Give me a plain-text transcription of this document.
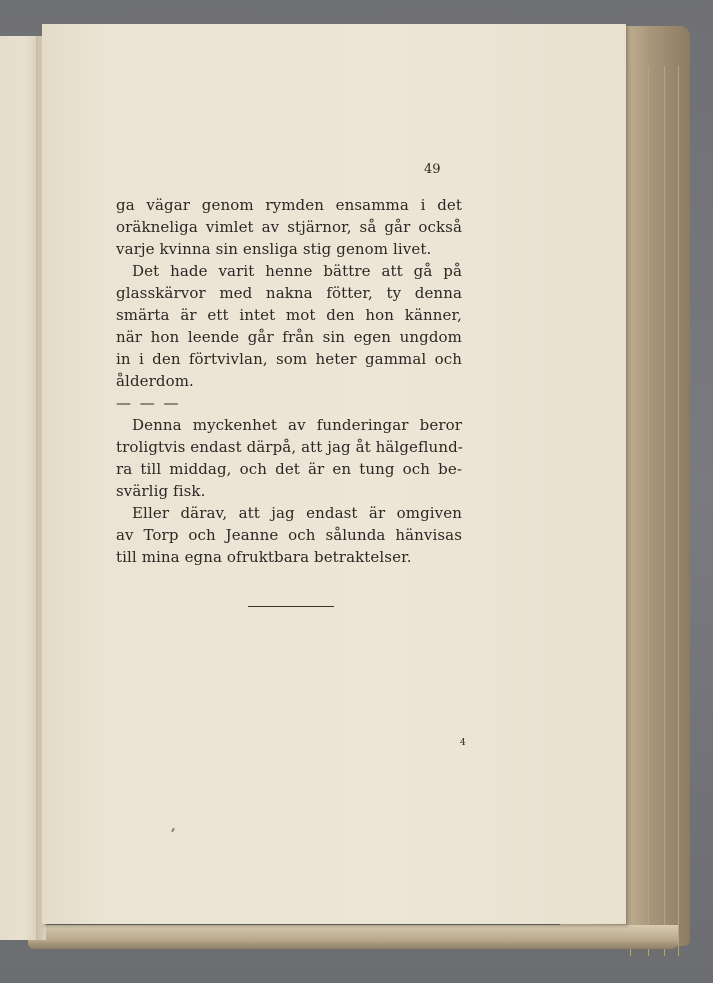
49
ga vägar genom rymden ensamma i det
oräkneliga vimlet av stjärnor, så går också
varje kvinna sin ensliga stig genom livet.
Det hade varit henne bättre att gå på
glasskärvor med nakna fötter, ty denna
smärta är ett intet mot den hon känner,
när hon leende går från sin egen ungdom
in i den förtvivlan, som heter gammal och
ålderdom.
— — —
Denna myckenhet av funderingar beror
troligtvis endast därpå, att jag åt hälgeflund-
ra till middag, och det är en tung och be-
svärlig fisk.
Eller därav, att jag endast är omgiven
av Torp och Jeanne och sålunda hänvisas
till mina egna ofruktbara betraktelser.
4
